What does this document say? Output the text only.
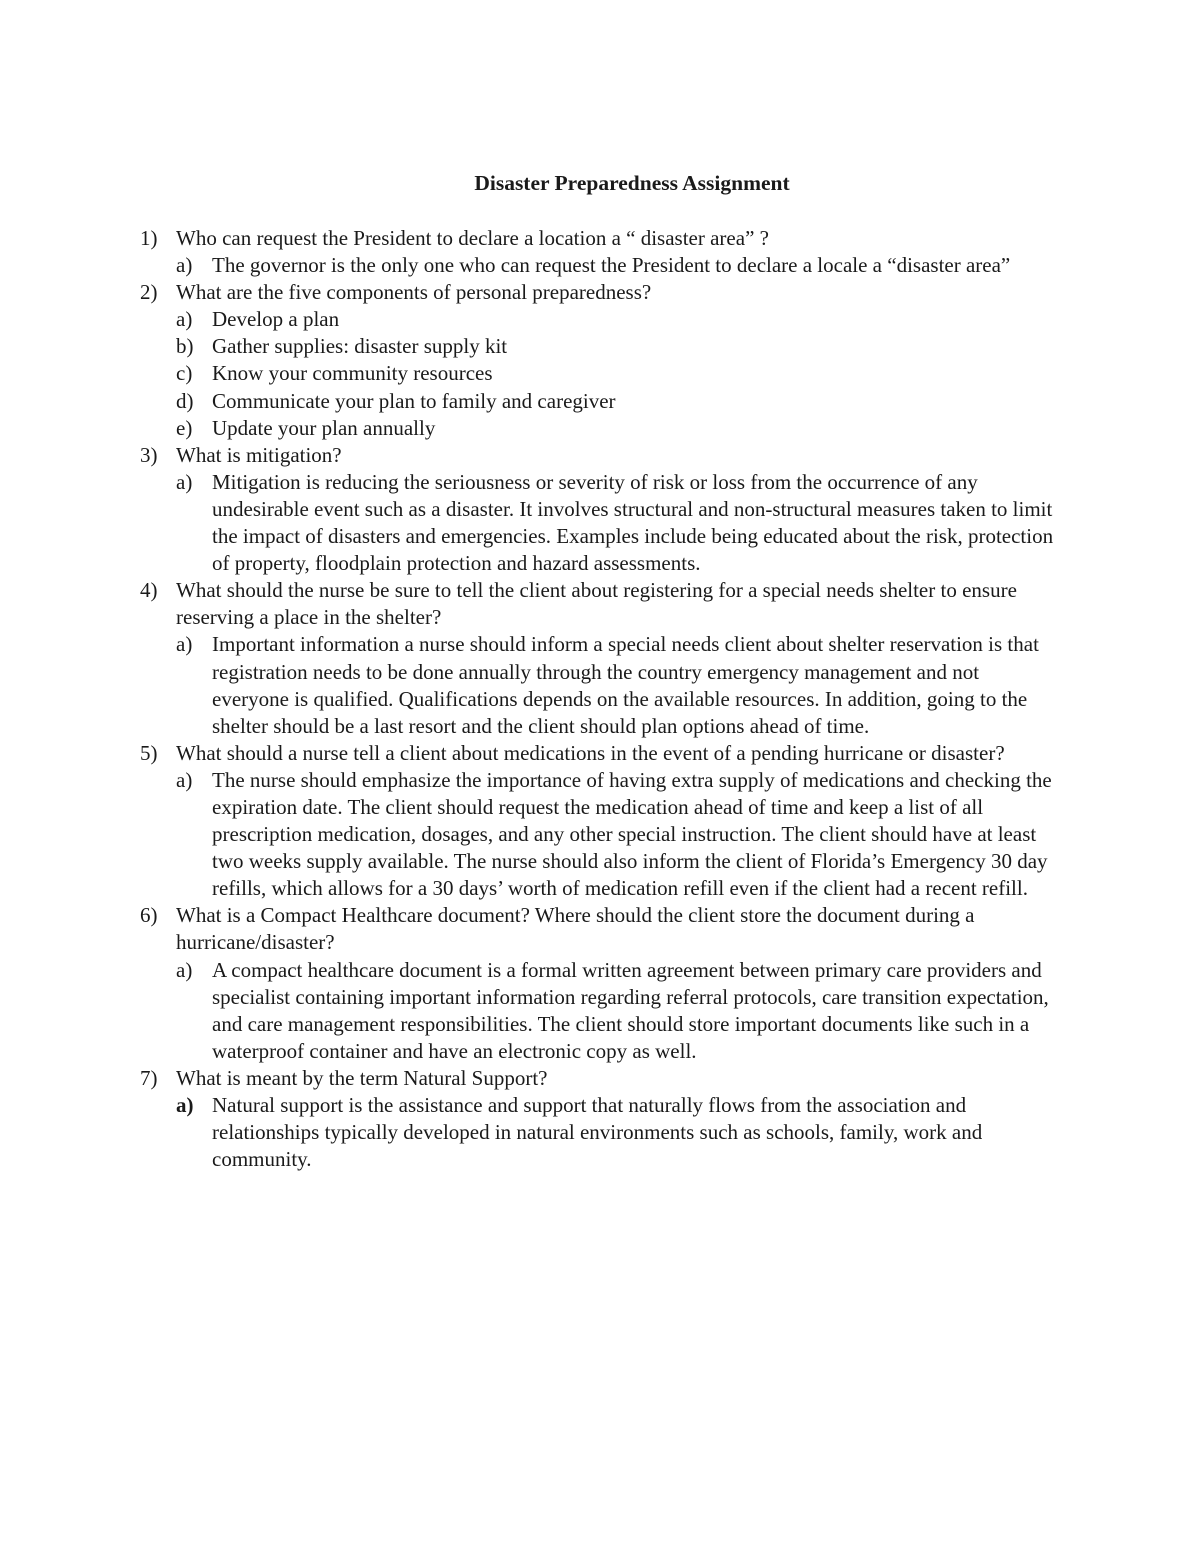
Disaster Preparedness Assignment
1) Who can request the President to declare a location a “ disaster area” ?
a) The governor is the only one who can request the President to declare a locale a “disaster area”
2) What are the five components of personal preparedness?
a) Develop a plan
b) Gather supplies: disaster supply kit
c) Know your community resources
d) Communicate your plan to family and caregiver
e) Update your plan annually
3) What is mitigation?
a) Mitigation is reducing the seriousness or severity of risk or loss from the occurrence of any undesirable event such as a disaster. It involves structural and non-structural measures taken to limit the impact of disasters and emergencies. Examples include being educated about the risk, protection of property, floodplain protection and hazard assessments.
4) What should the nurse be sure to tell the client about registering for a special needs shelter to ensure reserving a place in the shelter?
a) Important information a nurse should inform a special needs client about shelter reservation is that registration needs to be done annually through the country emergency management and not everyone is qualified. Qualifications depends on the available resources. In addition, going to the shelter should be a last resort and the client should plan options ahead of time.
5) What should a nurse tell a client about medications in the event of a pending hurricane or disaster?
a) The nurse should emphasize the importance of having extra supply of medications and checking the expiration date. The client should request the medication ahead of time and keep a list of all prescription medication, dosages, and any other special instruction. The client should have at least two weeks supply available. The nurse should also inform the client of Florida’s Emergency 30 day refills, which allows for a 30 days’ worth of medication refill even if the client had a recent refill.
6) What is a Compact Healthcare document? Where should the client store the document during a hurricane/disaster?
a) A compact healthcare document is a formal written agreement between primary care providers and specialist containing important information regarding referral protocols, care transition expectation, and care management responsibilities. The client should store important documents like such in a waterproof container and have an electronic copy as well.
7) What is meant by the term Natural Support?
a) Natural support is the assistance and support that naturally flows from the association and relationships typically developed in natural environments such as schools, family, work and community.
